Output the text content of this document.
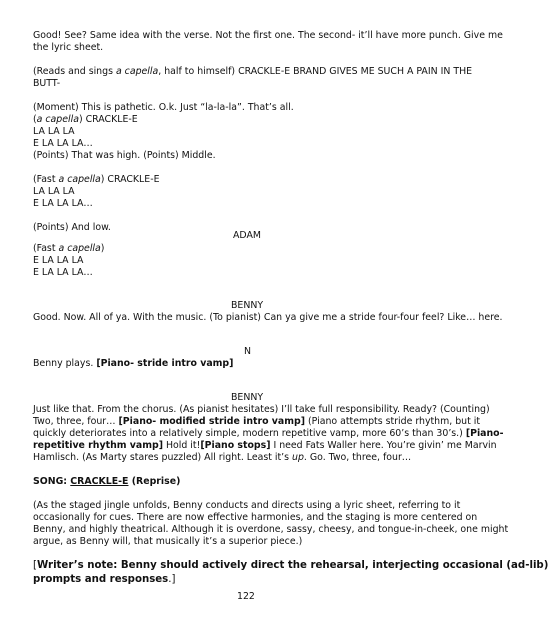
Good! See? Same idea with the verse. Not the first one. The second- it’ll have more punch. Give me
the lyric sheet.
(Reads and sings a capella, half to himself) CRACKLE-E BRAND GIVES ME SUCH A PAIN IN THE
BUTT-
(Moment) This is pathetic. O.k. Just “la-la-la”. That’s all.
(a capella) CRACKLE-E
LA LA LA
E LA LA LA…
(Points) That was high. (Points) Middle.
(Fast a capella) CRACKLE-E
LA LA LA
E LA LA LA…
(Points) And low.
ADAM
(Fast a capella)
E LA LA LA
E LA LA LA…
BENNY
Good. Now. All of ya. With the music. (To pianist) Can ya give me a stride four-four feel? Like… here.
N
Benny plays. [Piano- stride intro vamp]
BENNY
Just like that. From the chorus. (As pianist hesitates) I’ll take full responsibility. Ready? (Counting)
Two, three, four… [Piano- modified stride intro vamp] (Piano attempts stride rhythm, but it
quickly deteriorates into a relatively simple, modern repetitive vamp, more 60’s than 30’s.) [Piano-
repetitive rhythm vamp] Hold it![Piano stops] I need Fats Waller here. You’re givin’ me Marvin
Hamlisch. (As Marty stares puzzled) All right. Least it’s up. Go. Two, three, four…
SONG: CRACKLE-E (Reprise)
(As the staged jingle unfolds, Benny conducts and directs using a lyric sheet, referring to it
occasionally for cues. There are now effective harmonies, and the staging is more centered on
Benny, and highly theatrical. Although it is overdone, sassy, cheesy, and tongue-in-cheek, one might
argue, as Benny will, that musically it’s a superior piece.)
[Writer’s note: Benny should actively direct the rehearsal, interjecting occasional (ad-lib)
prompts and responses.]
122
